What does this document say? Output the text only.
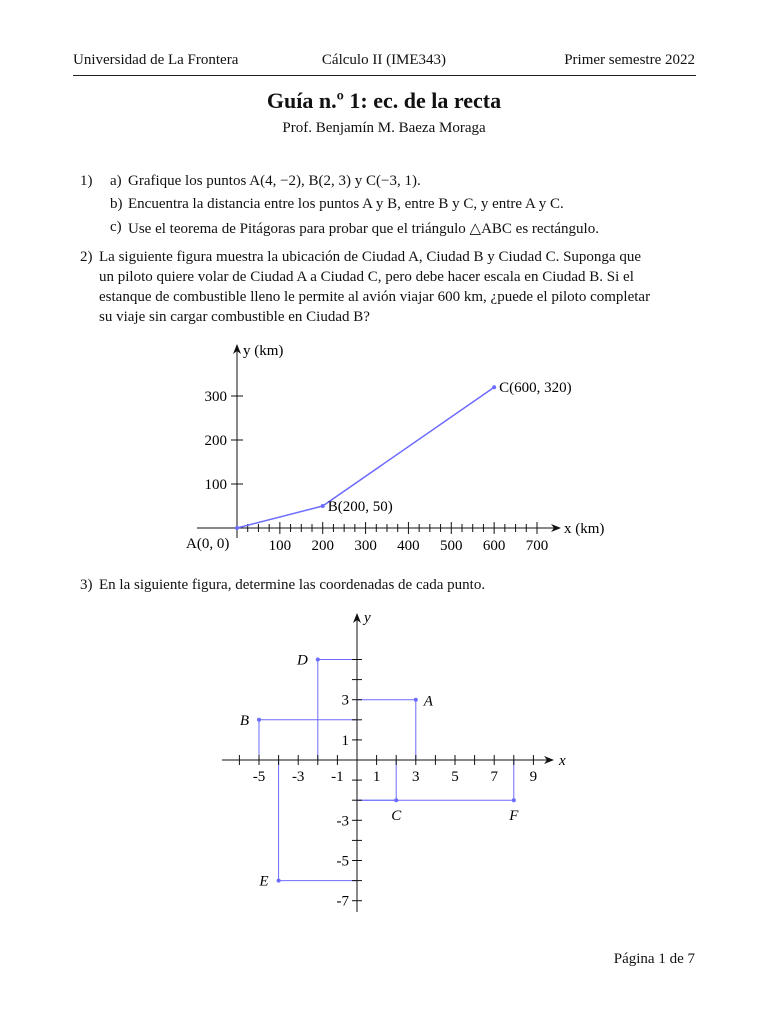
Universidad de La Frontera	Cálculo II (IME343)	Primer semestre 2022
Guía n.º 1: ec. de la recta
Prof. Benjamín M. Baeza Moraga
1) a) Grafique los puntos A(4, −2), B(2, 3) y C(−3, 1).
b) Encuentra la distancia entre los puntos A y B, entre B y C, y entre A y C.
c) Use el teorema de Pitágoras para probar que el triángulo △ABC es rectángulo.
2) La siguiente figura muestra la ubicación de Ciudad A, Ciudad B y Ciudad C. Suponga que
un piloto quiere volar de Ciudad A a Ciudad C, pero debe hacer escala en Ciudad B. Si el
estanque de combustible lleno le permite al avión viajar 600 km, ¿puede el piloto completar
su viaje sin cargar combustible en Ciudad B?
y (km)
x (km)
100 200 300 400 500 600 700
100
200
300
A(0, 0)
B(200, 50)
C(600, 320)
3) En la siguiente figura, determine las coordenadas de cada punto.
y
x
-5 -3 -1 1 3 5 7 9
3
1
-3
-5
-7
A
B
C
D
E
F
Página 1 de 7
